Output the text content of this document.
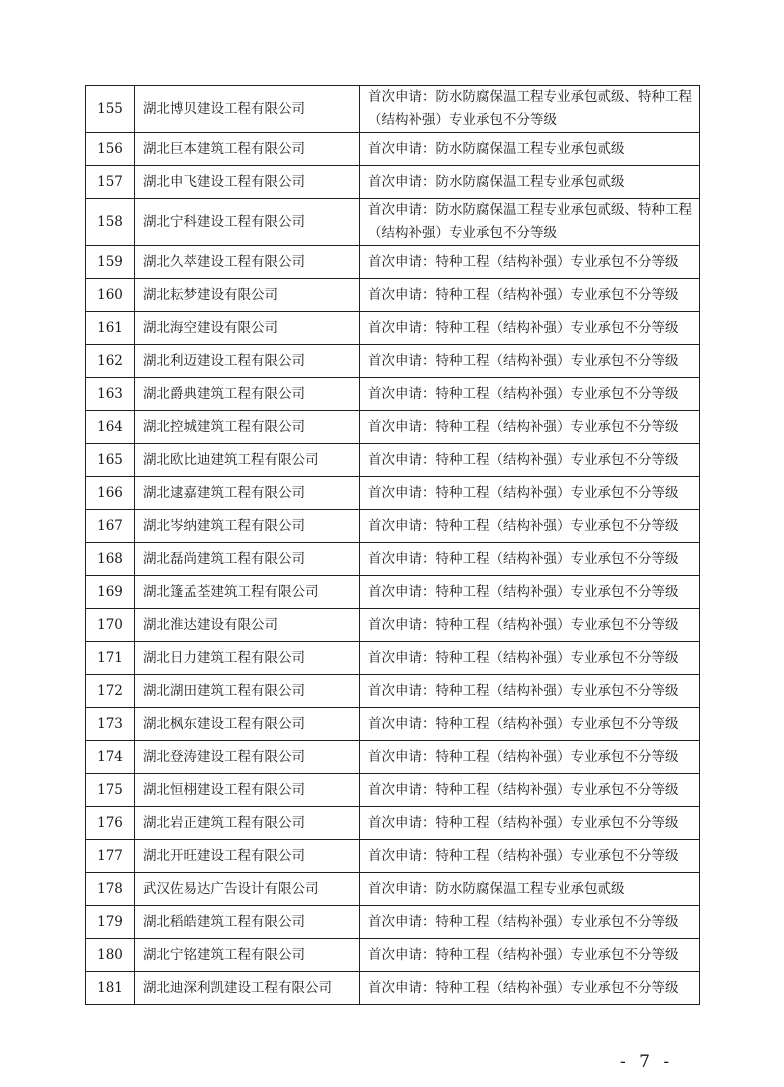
155	湖北博贝建设工程有限公司	首次申请：防水防腐保温工程专业承包贰级、特种工程（结构补强）专业承包不分等级
156	湖北巨本建筑工程有限公司	首次申请：防水防腐保温工程专业承包贰级
157	湖北申飞建设工程有限公司	首次申请：防水防腐保温工程专业承包贰级
158	湖北宁科建设工程有限公司	首次申请：防水防腐保温工程专业承包贰级、特种工程（结构补强）专业承包不分等级
159	湖北久萃建设工程有限公司	首次申请：特种工程（结构补强）专业承包不分等级
160	湖北耘梦建设有限公司	首次申请：特种工程（结构补强）专业承包不分等级
161	湖北海空建设有限公司	首次申请：特种工程（结构补强）专业承包不分等级
162	湖北利迈建设工程有限公司	首次申请：特种工程（结构补强）专业承包不分等级
163	湖北爵典建筑工程有限公司	首次申请：特种工程（结构补强）专业承包不分等级
164	湖北控城建筑工程有限公司	首次申请：特种工程（结构补强）专业承包不分等级
165	湖北欧比迪建筑工程有限公司	首次申请：特种工程（结构补强）专业承包不分等级
166	湖北逮嘉建筑工程有限公司	首次申请：特种工程（结构补强）专业承包不分等级
167	湖北岑纳建筑工程有限公司	首次申请：特种工程（结构补强）专业承包不分等级
168	湖北磊尚建筑工程有限公司	首次申请：特种工程（结构补强）专业承包不分等级
169	湖北篷孟荃建筑工程有限公司	首次申请：特种工程（结构补强）专业承包不分等级
170	湖北淮达建设有限公司	首次申请：特种工程（结构补强）专业承包不分等级
171	湖北日力建筑工程有限公司	首次申请：特种工程（结构补强）专业承包不分等级
172	湖北湖田建筑工程有限公司	首次申请：特种工程（结构补强）专业承包不分等级
173	湖北枫东建设工程有限公司	首次申请：特种工程（结构补强）专业承包不分等级
174	湖北登涛建设工程有限公司	首次申请：特种工程（结构补强）专业承包不分等级
175	湖北恒栩建设工程有限公司	首次申请：特种工程（结构补强）专业承包不分等级
176	湖北岩正建筑工程有限公司	首次申请：特种工程（结构补强）专业承包不分等级
177	湖北开旺建设工程有限公司	首次申请：特种工程（结构补强）专业承包不分等级
178	武汉佐易达广告设计有限公司	首次申请：防水防腐保温工程专业承包贰级
179	湖北稻皓建筑工程有限公司	首次申请：特种工程（结构补强）专业承包不分等级
180	湖北宁铭建筑工程有限公司	首次申请：特种工程（结构补强）专业承包不分等级
181	湖北迪深利凯建设工程有限公司	首次申请：特种工程（结构补强）专业承包不分等级
- 7 -
